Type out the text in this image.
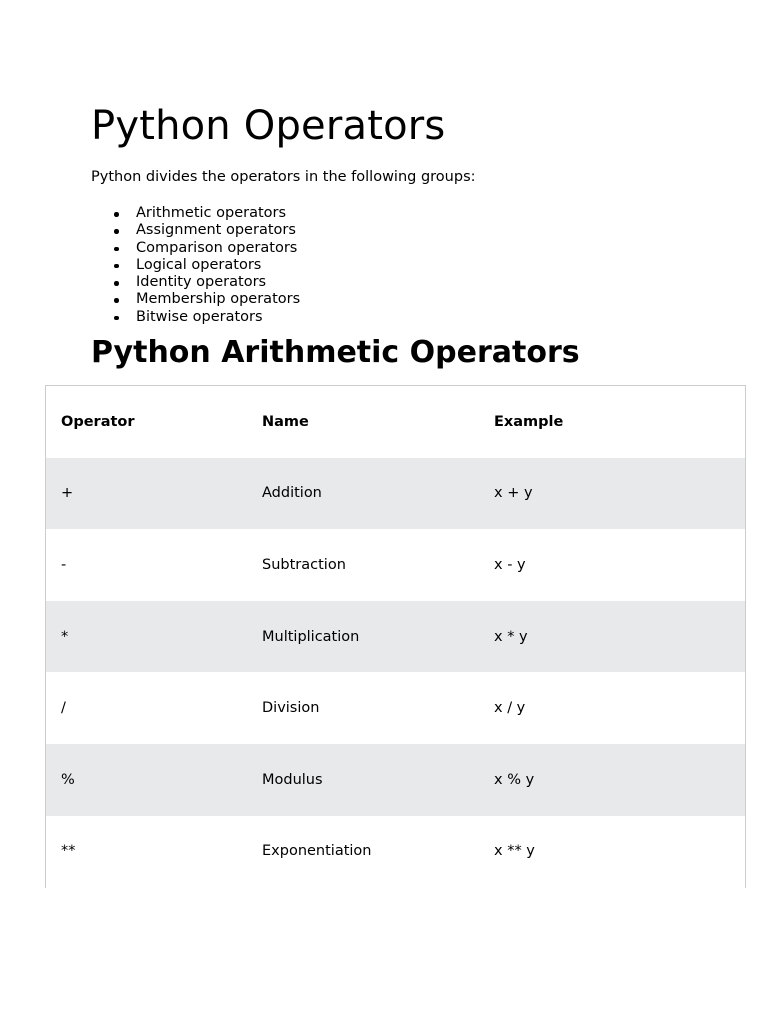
Python Operators

Python divides the operators in the following groups:

Arithmetic operators
Assignment operators
Comparison operators
Logical operators
Identity operators
Membership operators
Bitwise operators
Python Arithmetic Operators
Operator	Name	Example
+	Addition	x + y
-	Subtraction	x - y
*	Multiplication	x * y
/	Division	x / y
%	Modulus	x % y
**	Exponentiation	x ** y
